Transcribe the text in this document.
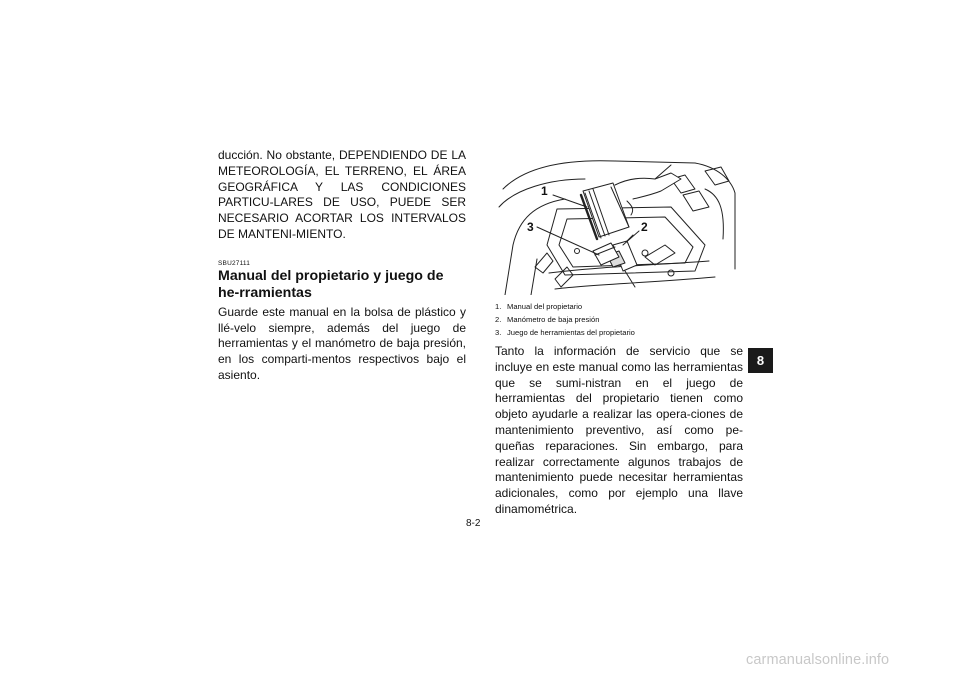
ducción. No obstante, DEPENDIENDO DE LA METEOROLOGÍA, EL TERRENO, EL ÁREA GEOGRÁFICA Y LAS CONDICIONES PARTICU-LARES DE USO, PUEDE SER NECESARIO ACORTAR LOS INTERVALOS DE MANTENI-MIENTO.

SBU27111
Manual del propietario y juego de he-rramientas

Guarde este manual en la bolsa de plástico y llé-velo siempre, además del juego de herramientas y el manómetro de baja presión, en los comparti-mentos respectivos bajo el asiento.

1
2
3

1. Manual del propietario

2. Manómetro de baja presión

3. Juego de herramientas del propietario

Tanto la información de servicio que se incluye en este manual como las herramientas que se sumi-nistran en el juego de herramientas del propietario tienen como objeto ayudarle a realizar las opera-ciones de mantenimiento preventivo, así como pe-queñas reparaciones. Sin embargo, para realizar correctamente algunos trabajos de mantenimiento puede necesitar herramientas adicionales, como por ejemplo una llave dinamométrica.

8
8-2
carmanualsonline.info
